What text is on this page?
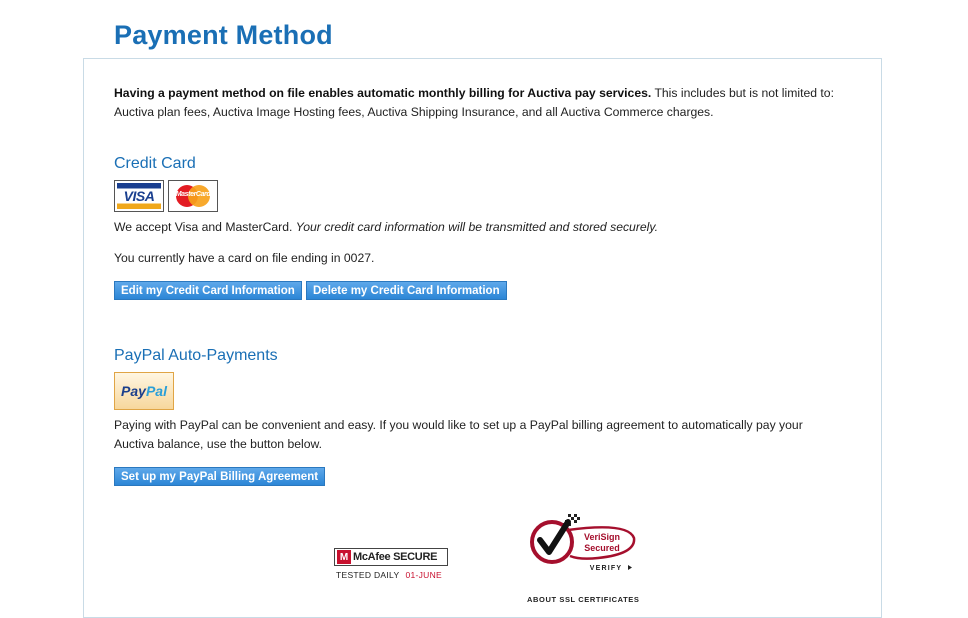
Payment Method

Having a payment method on file enables automatic monthly billing for Auctiva pay services. This includes but is not limited to: Auctiva plan fees, Auctiva Image Hosting fees, Auctiva Shipping Insurance, and all Auctiva Commerce charges.

Credit Card
VISA	MasterCard

We accept Visa and MasterCard. Your credit card information will be transmitted and stored securely.

You currently have a card on file ending in 0027.

Edit my Credit Card Information	Delete my Credit Card Information
PayPal Auto-Payments
PayPal

Paying with PayPal can be convenient and easy. If you would like to set up a PayPal billing agreement to automatically pay your Auctiva balance, use the button below.

Set up my PayPal Billing Agreement
M McAfee SECURE
TESTED DAILY 01-JUNE
VeriSign
Secured
VERIFY
ABOUT SSL CERTIFICATES
